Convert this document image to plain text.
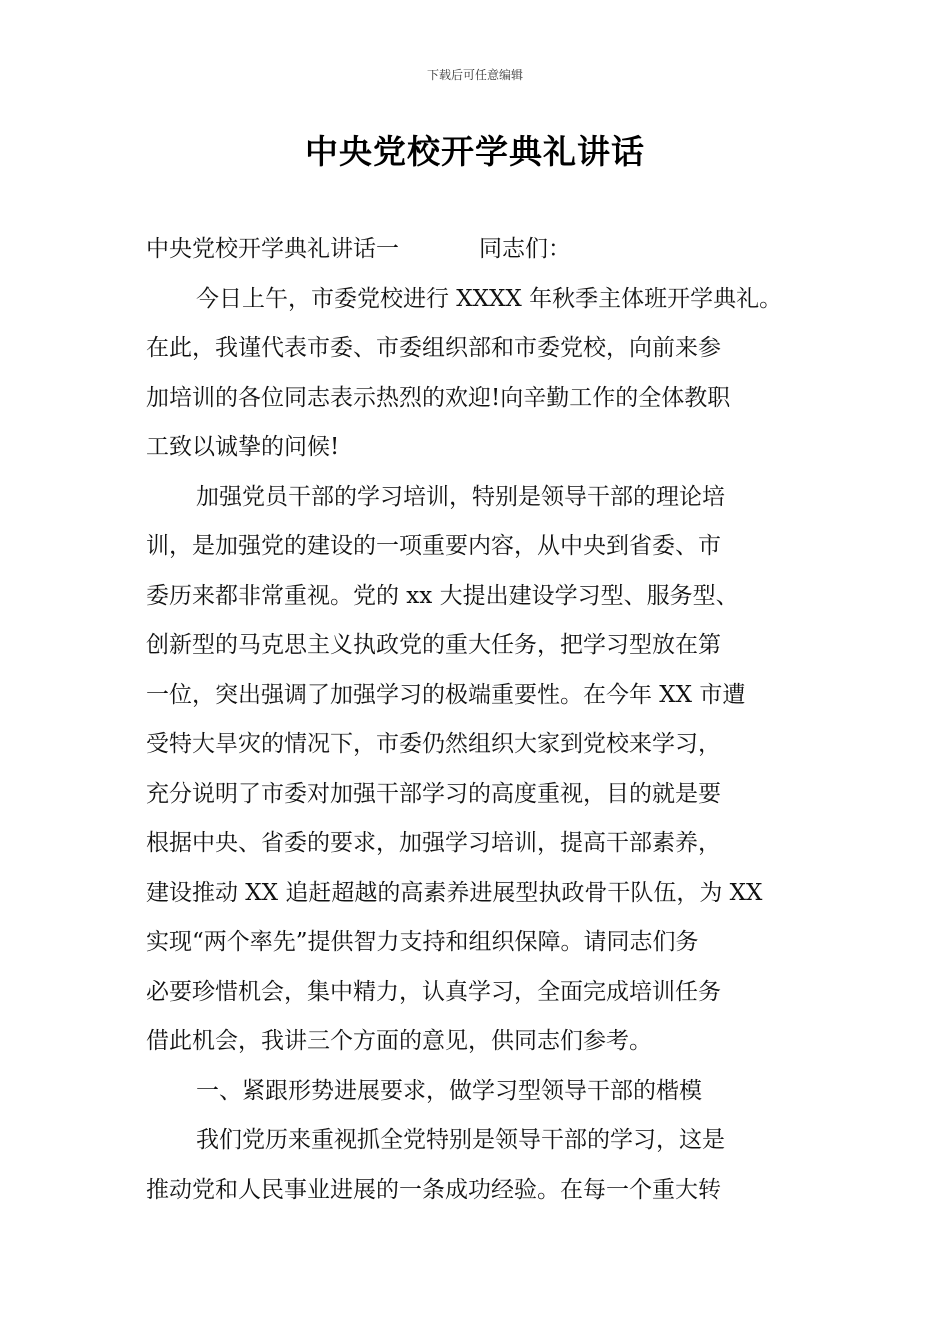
下载后可任意编辑
中央党校开学典礼讲话
中央党校开学典礼讲话一	同志们：
今日上午，市委党校进行 XXXX 年秋季主体班开学典礼。
在此，我谨代表市委、市委组织部和市委党校，向前来参
加培训的各位同志表示热烈的欢迎!向辛勤工作的全体教职
工致以诚挚的问候!
加强党员干部的学习培训，特别是领导干部的理论培
训，是加强党的建设的一项重要内容，从中央到省委、市
委历来都非常重视。党的 xx 大提出建设学习型、服务型、
创新型的马克思主义执政党的重大任务，把学习型放在第
一位，突出强调了加强学习的极端重要性。在今年 XX 市遭
受特大旱灾的情况下，市委仍然组织大家到党校来学习，
充分说明了市委对加强干部学习的高度重视，目的就是要
根据中央、省委的要求，加强学习培训，提高干部素养，
建设推动 XX 追赶超越的高素养进展型执政骨干队伍，为 XX
实现“两个率先”提供智力支持和组织保障。请同志们务
必要珍惜机会，集中精力，认真学习，全面完成培训任务
借此机会，我讲三个方面的意见，供同志们参考。
一、紧跟形势进展要求，做学习型领导干部的楷模
我们党历来重视抓全党特别是领导干部的学习，这是
推动党和人民事业进展的一条成功经验。在每一个重大转
